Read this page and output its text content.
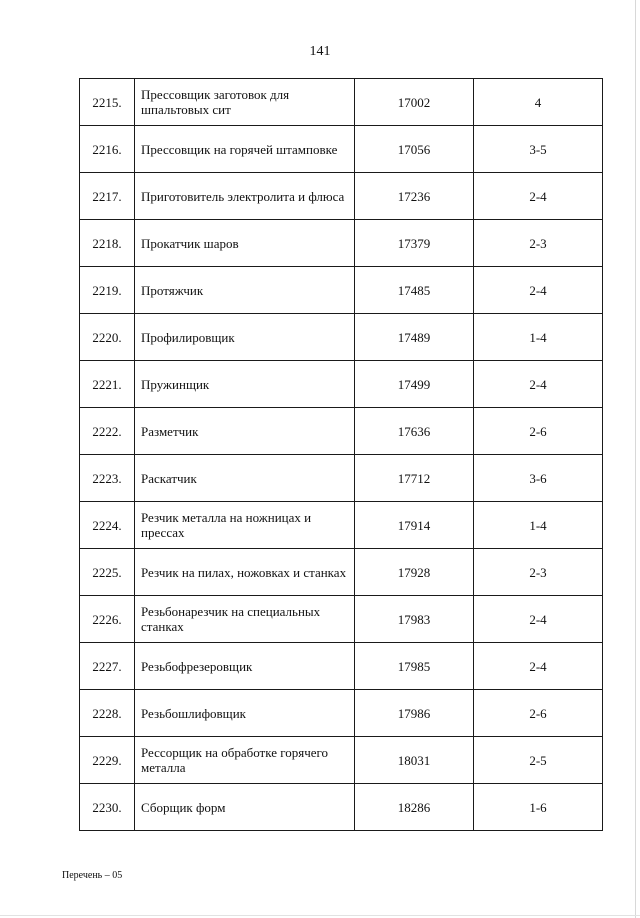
141
2215.	Прессовщик заготовок для шпальтовых сит	17002	4
2216.	Прессовщик на горячей штамповке	17056	3-5
2217.	Приготовитель электролита и флюса	17236	2-4
2218.	Прокатчик шаров	17379	2-3
2219.	Протяжчик	17485	2-4
2220.	Профилировщик	17489	1-4
2221.	Пружинщик	17499	2-4
2222.	Разметчик	17636	2-6
2223.	Раскатчик	17712	3-6
2224.	Резчик металла на ножницах и прессах	17914	1-4
2225.	Резчик на пилах, ножовках и станках	17928	2-3
2226.	Резьбонарезчик на специальных станках	17983	2-4
2227.	Резьбофрезеровщик	17985	2-4
2228.	Резьбошлифовщик	17986	2-6
2229.	Рессорщик на обработке горячего металла	18031	2-5
2230.	Сборщик форм	18286	1-6
Перечень – 05
